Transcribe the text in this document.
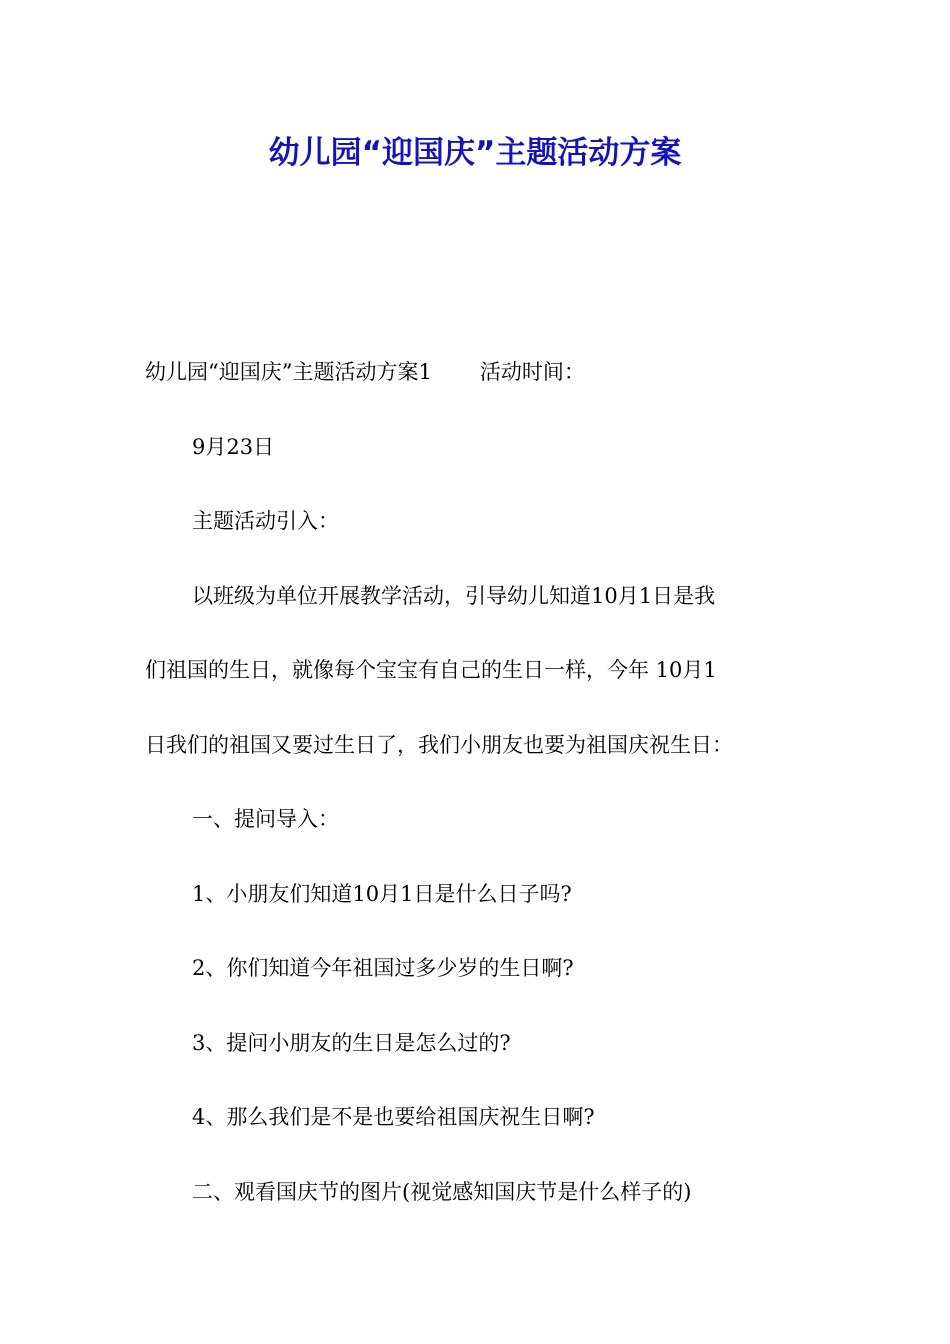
幼儿园“迎国庆”主题活动方案
幼儿园“迎国庆”主题活动方案1 活动时间：
9月23日
主题活动引入：
以班级为单位开展教学活动，引导幼儿知道10月1日是我
们祖国的生日，就像每个宝宝有自己的生日一样，今年 10月1
日我们的祖国又要过生日了，我们小朋友也要为祖国庆祝生日：
一、提问导入：
1、小朋友们知道10月1日是什么日子吗?
2、你们知道今年祖国过多少岁的生日啊?
3、提问小朋友的生日是怎么过的?
4、那么我们是不是也要给祖国庆祝生日啊?
二、观看国庆节的图片(视觉感知国庆节是什么样子的)
